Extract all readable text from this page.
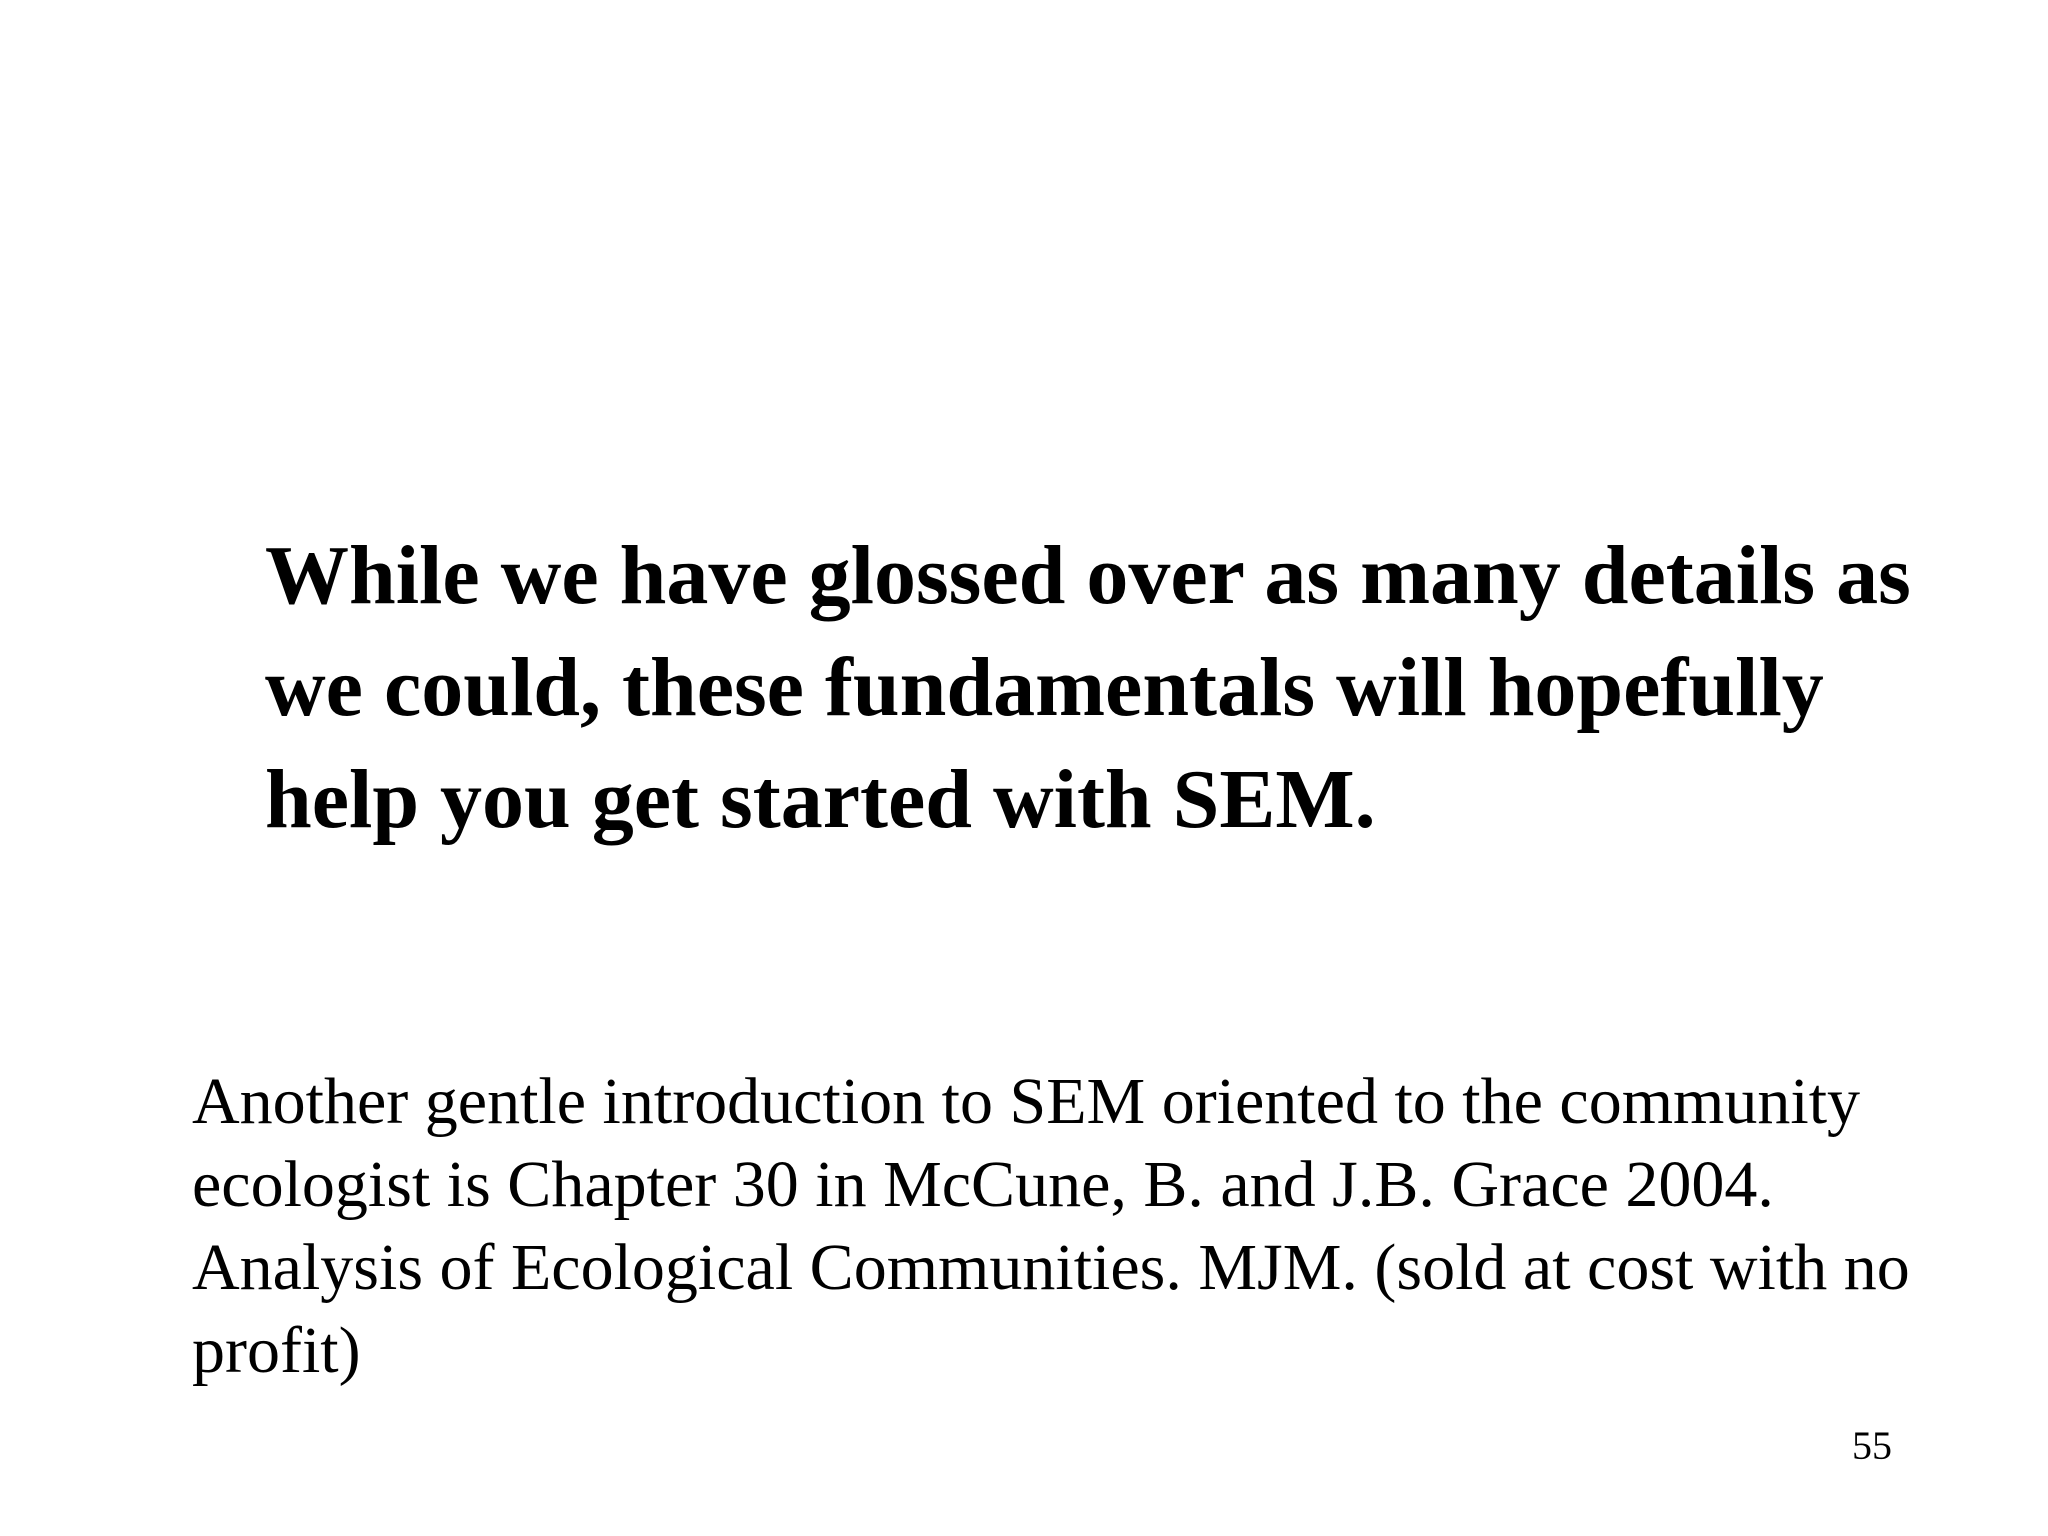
While we have glossed over as many details as we could, these fundamentals will hopefully help you get started with SEM.

Another gentle introduction to SEM oriented to the community ecologist is Chapter 30 in McCune, B. and J.B. Grace 2004. Analysis of Ecological Communities. MJM. (sold at cost with no profit)

55
